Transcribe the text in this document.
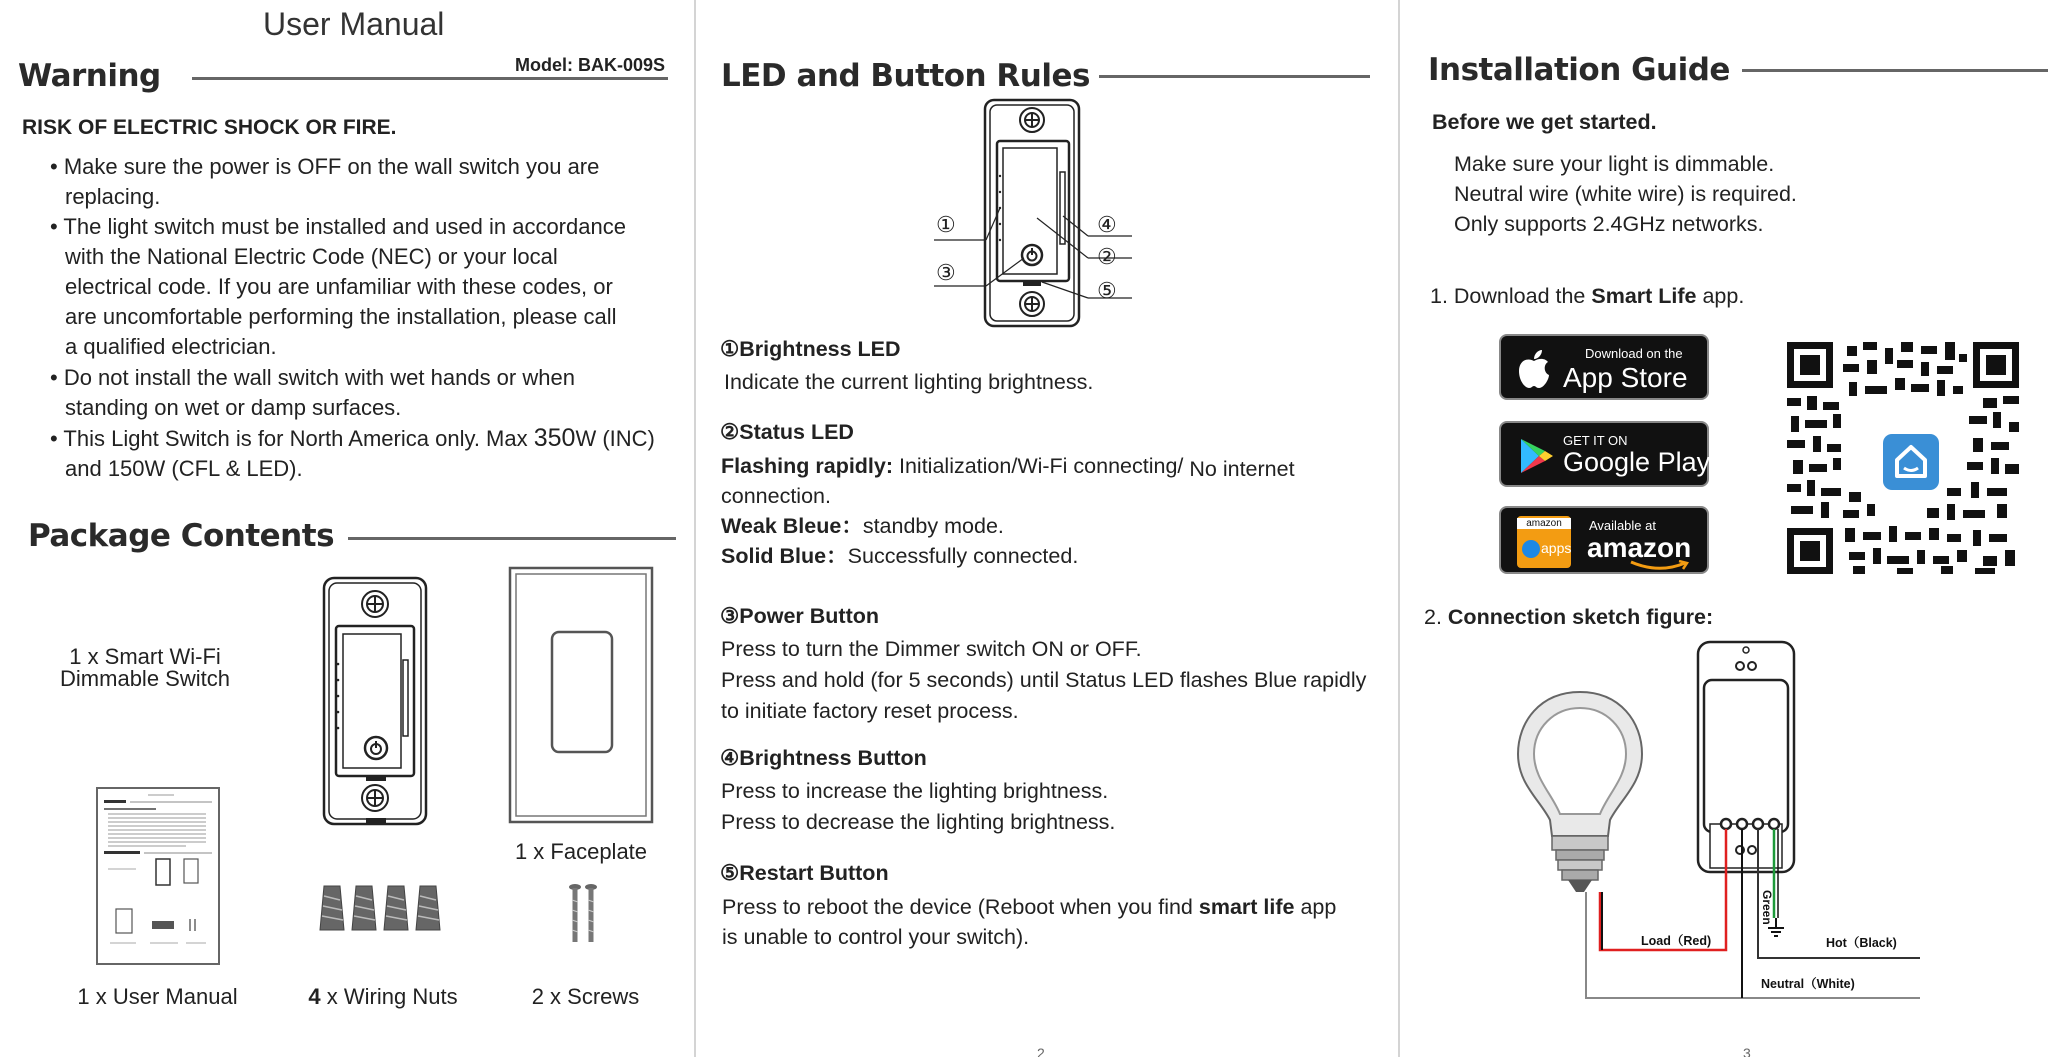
User Manual
Warning	Model: BAK-009S
RISK OF ELECTRIC SHOCK OR FIRE.
• Make sure the power is OFF on the wall switch you are
replacing.
• The light switch must be installed and used in accordance
with the National Electric Code (NEC) or your local
electrical code. If you are unfamiliar with these codes, or
are uncomfortable performing the installation, please call
a qualified electrician.
• Do not install the wall switch with wet hands or when
standing on wet or damp surfaces.
• This Light Switch is for North America only. Max 350W (INC)
and 150W (CFL & LED).
Package Contents
1 x Smart Wi-Fi
Dimmable Switch
1 x Faceplate
1 x User Manual	4 x Wiring Nuts	2 x Screws
LED and Button Rules
①
②
③
④
⑤
①Brightness LED
Indicate the current lighting brightness.
②Status LED
Flashing rapidly: Initialization/Wi-Fi connecting/ No internet
connection.
Weak Bleue：standby mode.
Solid Blue：Successfully connected.
③Power Button
Press to turn the Dimmer switch ON or OFF.
Press and hold (for 5 seconds) until Status LED flashes Blue rapidly
to initiate factory reset process.
④Brightness Button
Press to increase the lighting brightness.
Press to decrease the lighting brightness.
⑤Restart Button
Press to reboot the device (Reboot when you find smart life app
is unable to control your switch).
2
Installation Guide
Before we get started.
Make sure your light is dimmable.
Neutral wire (white wire) is required.
Only supports 2.4GHz networks.
1. Download the Smart Life app.
Download on the
App Store
GET IT ON
Google Play
amazon
apps
Available at
amazon
2. Connection sketch figure:
Load（Red)	Hot（Black)
Neutral（White)
Green
3
